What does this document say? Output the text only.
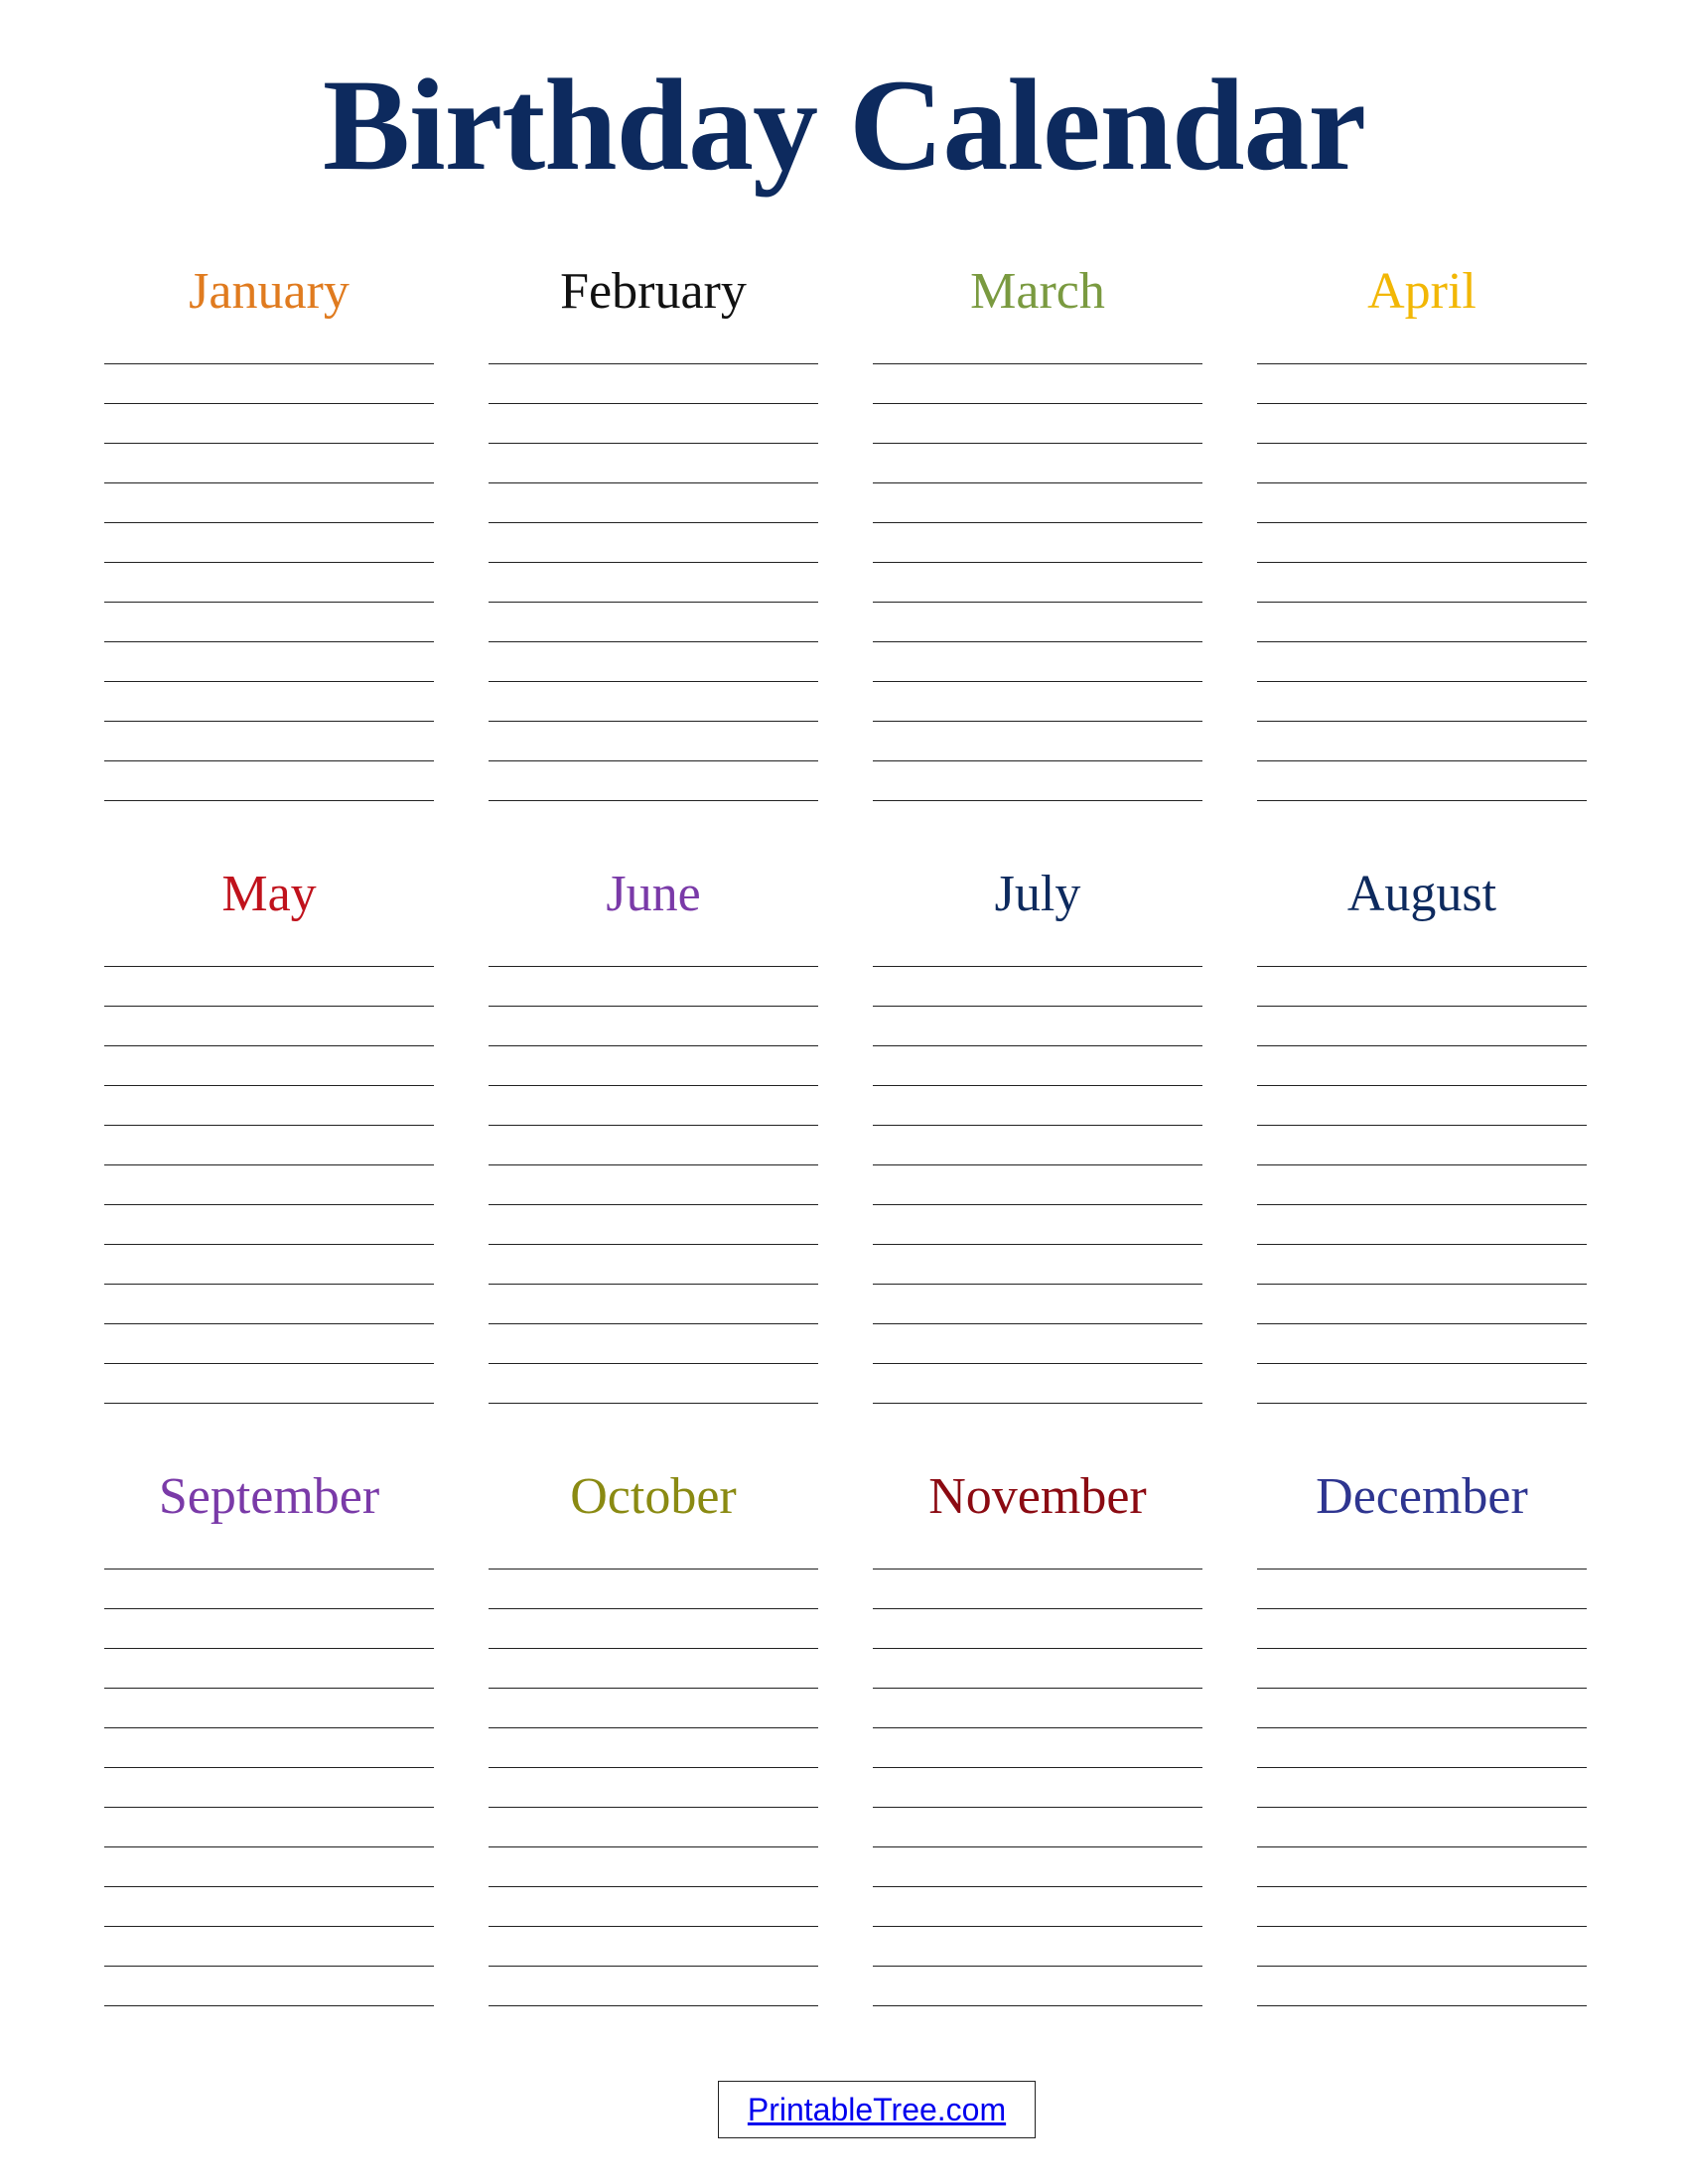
Birthday Calendar
January	February	March	April
May	June	July	August
September	October	November	December
PrintableTree.com
